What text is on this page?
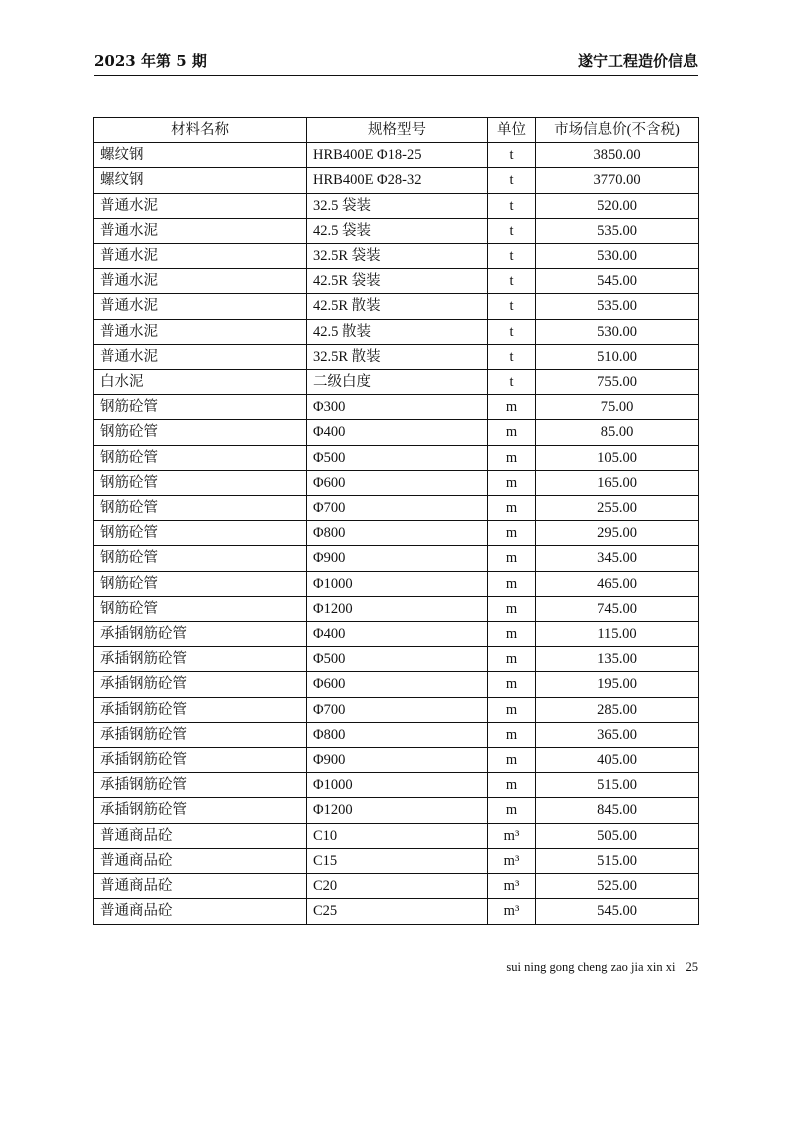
2023 年第 5 期	遂宁工程造价信息
材料名称	规格型号	单位	市场信息价(不含税)
螺纹钢	HRB400E Φ18-25	t	3850.00
螺纹钢	HRB400E Φ28-32	t	3770.00
普通水泥	32.5 袋装	t	520.00
普通水泥	42.5 袋装	t	535.00
普通水泥	32.5R 袋装	t	530.00
普通水泥	42.5R 袋装	t	545.00
普通水泥	42.5R 散装	t	535.00
普通水泥	42.5 散装	t	530.00
普通水泥	32.5R 散装	t	510.00
白水泥	二级白度	t	755.00
钢筋砼管	Φ300	m	75.00
钢筋砼管	Φ400	m	85.00
钢筋砼管	Φ500	m	105.00
钢筋砼管	Φ600	m	165.00
钢筋砼管	Φ700	m	255.00
钢筋砼管	Φ800	m	295.00
钢筋砼管	Φ900	m	345.00
钢筋砼管	Φ1000	m	465.00
钢筋砼管	Φ1200	m	745.00
承插钢筋砼管	Φ400	m	115.00
承插钢筋砼管	Φ500	m	135.00
承插钢筋砼管	Φ600	m	195.00
承插钢筋砼管	Φ700	m	285.00
承插钢筋砼管	Φ800	m	365.00
承插钢筋砼管	Φ900	m	405.00
承插钢筋砼管	Φ1000	m	515.00
承插钢筋砼管	Φ1200	m	845.00
普通商品砼	C10	m³	505.00
普通商品砼	C15	m³	515.00
普通商品砼	C20	m³	525.00
普通商品砼	C25	m³	545.00
sui ning gong cheng zao jia xin xi 25
